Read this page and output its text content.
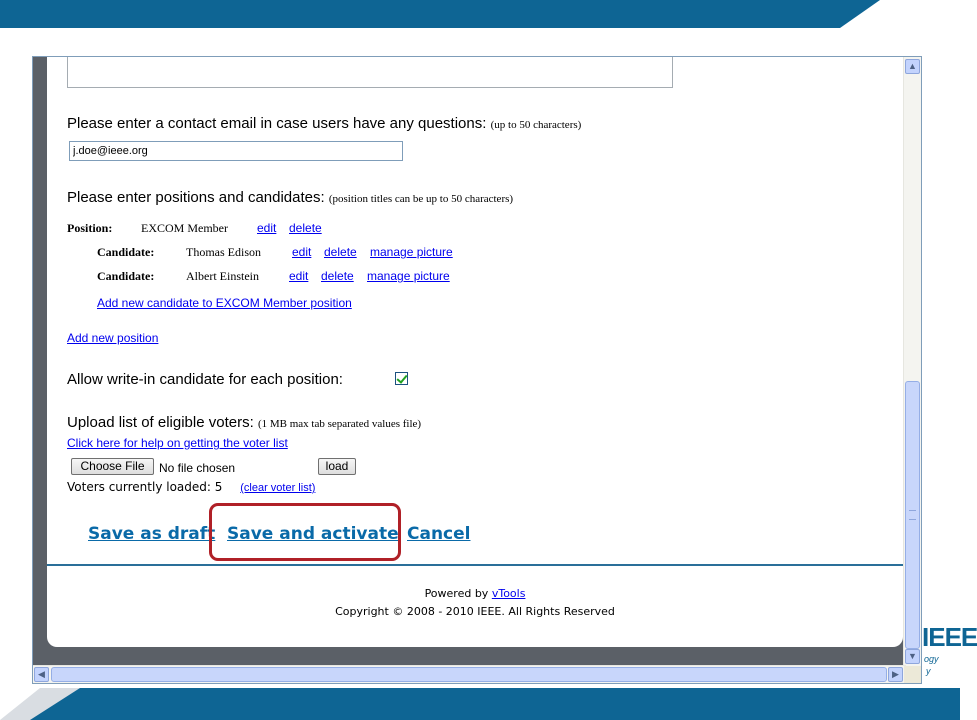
IEEE
ogy
y
Please enter a contact email in case users have any questions: (up to 50 characters)
j.doe@ieee.org
Please enter positions and candidates: (position titles can be up to 50 characters)
Position: EXCOM Member edit delete
Candidate:	Thomas Edison	edit delete manage picture
Candidate:	Albert Einstein	edit delete manage picture
Add new candidate to EXCOM Member position
Add new position
Allow write-in candidate for each position:
Upload list of eligible voters: (1 MB max tab separated values file)
Click here for help on getting the voter list
Choose File	No file chosen	load
Voters currently loaded: 5 (clear voter list)
Save as draft Save and activate Cancel
Powered by vTools
Copyright © 2008 - 2010 IEEE. All Rights Reserved
▲
▼
◀	▶
